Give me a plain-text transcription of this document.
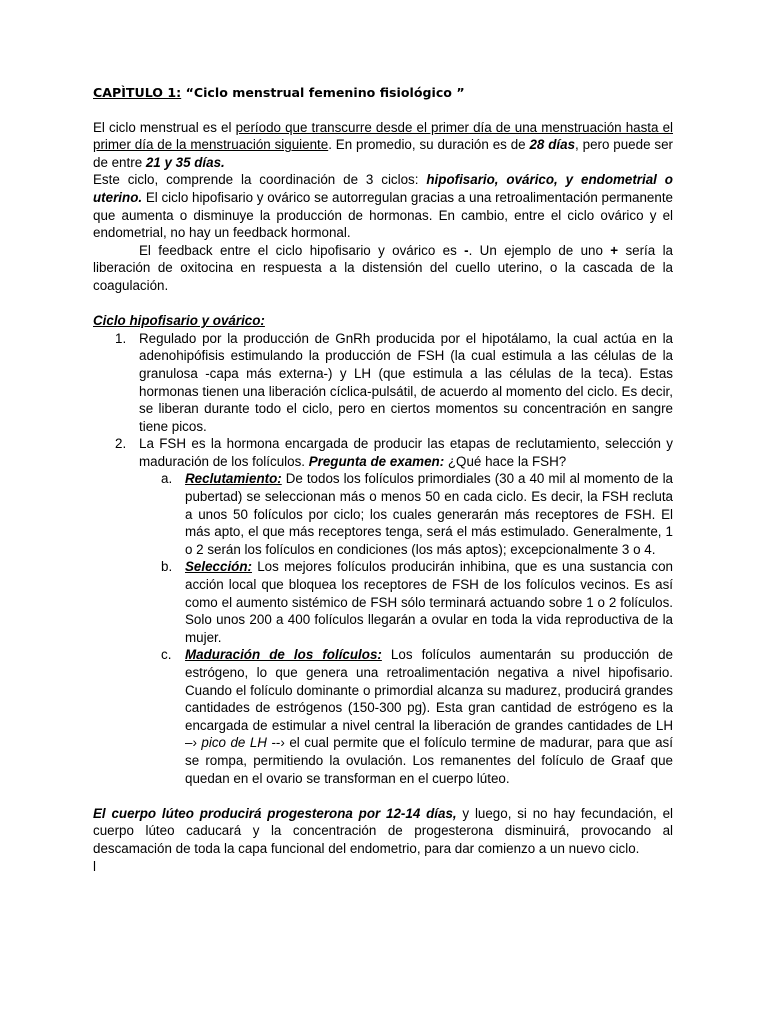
CAPÌTULO 1: “Ciclo menstrual femenino fisiológico ”

El ciclo menstrual es el período que transcurre desde el primer día de una menstruación hasta el primer día de la menstruación siguiente. En promedio, su duración es de 28 días, pero puede ser de entre 21 y 35 días.

Este ciclo, comprende la coordinación de 3 ciclos: hipofisario, ovárico, y endometrial o uterino. El ciclo hipofisario y ovárico se autorregulan gracias a una retroalimentación permanente que aumenta o disminuye la producción de hormonas. En cambio, entre el ciclo ovárico y el endometrial, no hay un feedback hormonal.

El feedback entre el ciclo hipofisario y ovárico es -. Un ejemplo de uno + sería la liberación de oxitocina en respuesta a la distensión del cuello uterino, o la cascada de la coagulación.

Ciclo hipofisario y ovárico:

1. Regulado por la producción de GnRh producida por el hipotálamo, la cual actúa en la adenohipófisis estimulando la producción de FSH (la cual estimula a las células de la granulosa -capa más externa-) y LH (que estimula a las células de la teca). Estas hormonas tienen una liberación cíclica-pulsátil, de acuerdo al momento del ciclo. Es decir, se liberan durante todo el ciclo, pero en ciertos momentos su concentración en sangre tiene picos.
2. La FSH es la hormona encargada de producir las etapas de reclutamiento, selección y maduración de los folículos. Pregunta de examen: ¿Qué hace la FSH?
a. Reclutamiento: De todos los folículos primordiales (30 a 40 mil al momento de la pubertad) se seleccionan más o menos 50 en cada ciclo. Es decir, la FSH recluta a unos 50 folículos por ciclo; los cuales generarán más receptores de FSH. El más apto, el que más receptores tenga, será el más estimulado. Generalmente, 1 o 2 serán los folículos en condiciones (los más aptos); excepcionalmente 3 o 4.
b. Selección: Los mejores folículos producirán inhibina, que es una sustancia con acción local que bloquea los receptores de FSH de los folículos vecinos. Es así como el aumento sistémico de FSH sólo terminará actuando sobre 1 o 2 folículos. Solo unos 200 a 400 folículos llegarán a ovular en toda la vida reproductiva de la mujer.
c. Maduración de los folículos: Los folículos aumentarán su producción de estrógeno, lo que genera una retroalimentación negativa a nivel hipofisario. Cuando el folículo dominante o primordial alcanza su madurez, producirá grandes cantidades de estrógenos (150-300 pg). Esta gran cantidad de estrógeno es la encargada de estimular a nivel central la liberación de grandes cantidades de LH –› pico de LH --› el cual permite que el folículo termine de madurar, para que así se rompa, permitiendo la ovulación. Los remanentes del folículo de Graaf que quedan en el ovario se transforman en el cuerpo lúteo.

El cuerpo lúteo producirá progesterona por 12-14 días, y luego, si no hay fecundación, el cuerpo lúteo caducará y la concentración de progesterona disminuirá, provocando al descamación de toda la capa funcional del endometrio, para dar comienzo a un nuevo ciclo.

l
